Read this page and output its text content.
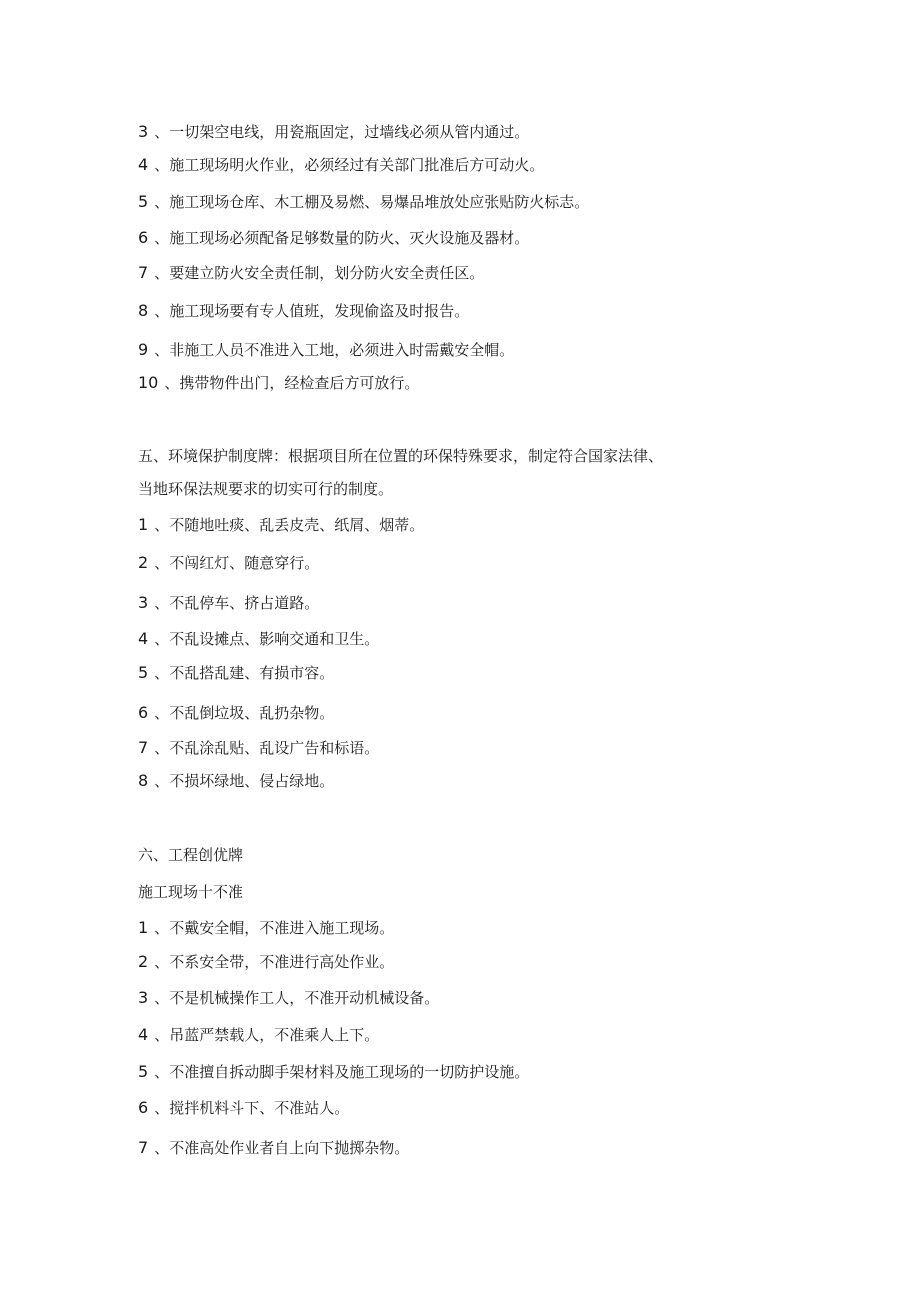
3 、一切架空电线，用瓷瓶固定，过墙线必须从管内通过。
4 、施工现场明火作业，必须经过有关部门批准后方可动火。
5 、施工现场仓库、木工棚及易燃、易爆品堆放处应张贴防火标志。
6 、施工现场必须配备足够数量的防火、灭火设施及器材。
7 、要建立防火安全责任制，划分防火安全责任区。
8 、施工现场要有专人值班，发现偷盗及时报告。
9 、非施工人员不准进入工地，必须进入时需戴安全帽。
10 、携带物件出门，经检查后方可放行。
五、环境保护制度牌：根据项目所在位置的环保特殊要求，制定符合国家法律、
当地环保法规要求的切实可行的制度。
1 、不随地吐痰、乱丢皮壳、纸屑、烟蒂。
2 、不闯红灯、随意穿行。
3 、不乱停车、挤占道路。
4 、不乱设摊点、影响交通和卫生。
5 、不乱搭乱建、有损市容。
6 、不乱倒垃圾、乱扔杂物。
7 、不乱涂乱贴、乱设广告和标语。
8 、不损坏绿地、侵占绿地。
六、工程创优牌
施工现场十不准
1 、不戴安全帽，不准进入施工现场。
2 、不系安全带，不准进行高处作业。
3 、不是机械操作工人，不准开动机械设备。
4 、吊蓝严禁载人，不准乘人上下。
5 、不准擅自拆动脚手架材料及施工现场的一切防护设施。
6 、搅拌机料斗下、不准站人。
7 、不准高处作业者自上向下抛掷杂物。
